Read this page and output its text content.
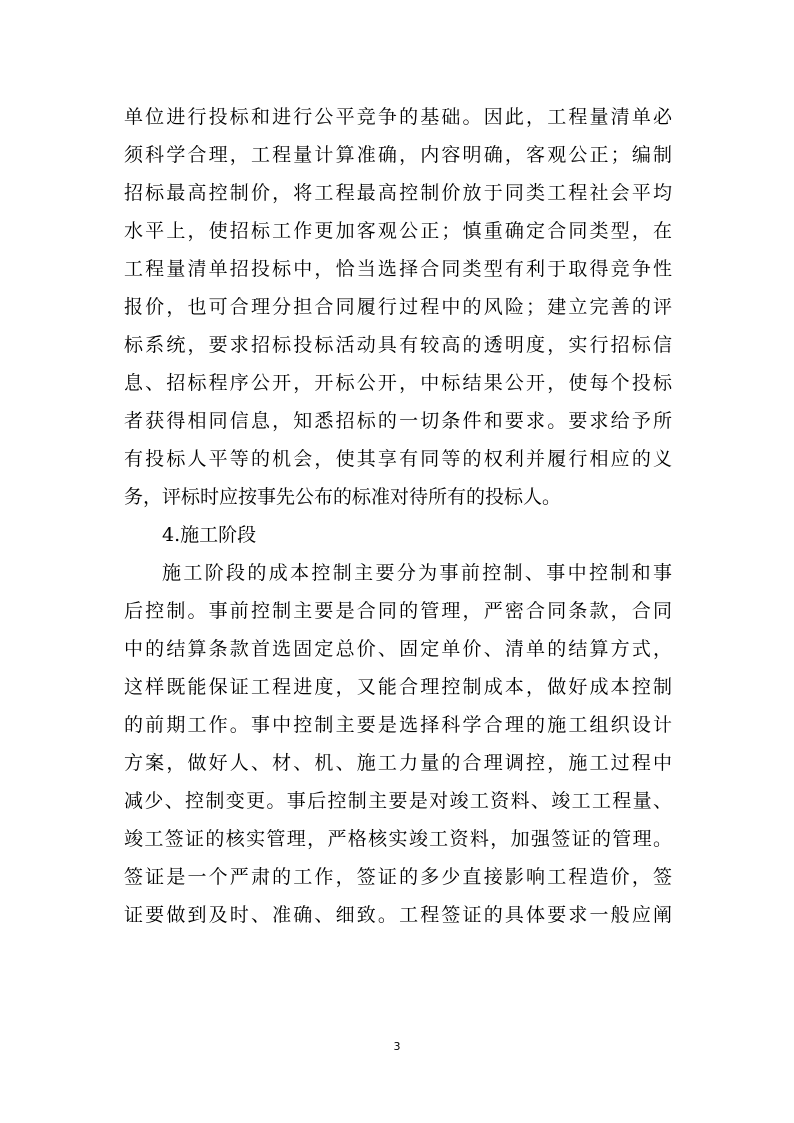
单位进行投标和进行公平竞争的基础。因此，工程量清单必
须科学合理，工程量计算准确，内容明确，客观公正；编制
招标最高控制价，将工程最高控制价放于同类工程社会平均
水平上，使招标工作更加客观公正；慎重确定合同类型，在
工程量清单招投标中，恰当选择合同类型有利于取得竞争性
报价，也可合理分担合同履行过程中的风险；建立完善的评
标系统，要求招标投标活动具有较高的透明度，实行招标信
息、招标程序公开，开标公开，中标结果公开，使每个投标
者获得相同信息，知悉招标的一切条件和要求。要求给予所
有投标人平等的机会，使其享有同等的权利并履行相应的义
务，评标时应按事先公布的标准对待所有的投标人。
4.施工阶段
施工阶段的成本控制主要分为事前控制、事中控制和事
后控制。事前控制主要是合同的管理，严密合同条款，合同
中的结算条款首选固定总价、固定单价、清单的结算方式，
这样既能保证工程进度，又能合理控制成本，做好成本控制
的前期工作。事中控制主要是选择科学合理的施工组织设计
方案，做好人、材、机、施工力量的合理调控，施工过程中
减少、控制变更。事后控制主要是对竣工资料、竣工工程量、
竣工签证的核实管理，严格核实竣工资料，加强签证的管理。
签证是一个严肃的工作，签证的多少直接影响工程造价，签
证要做到及时、准确、细致。工程签证的具体要求一般应阐
3
